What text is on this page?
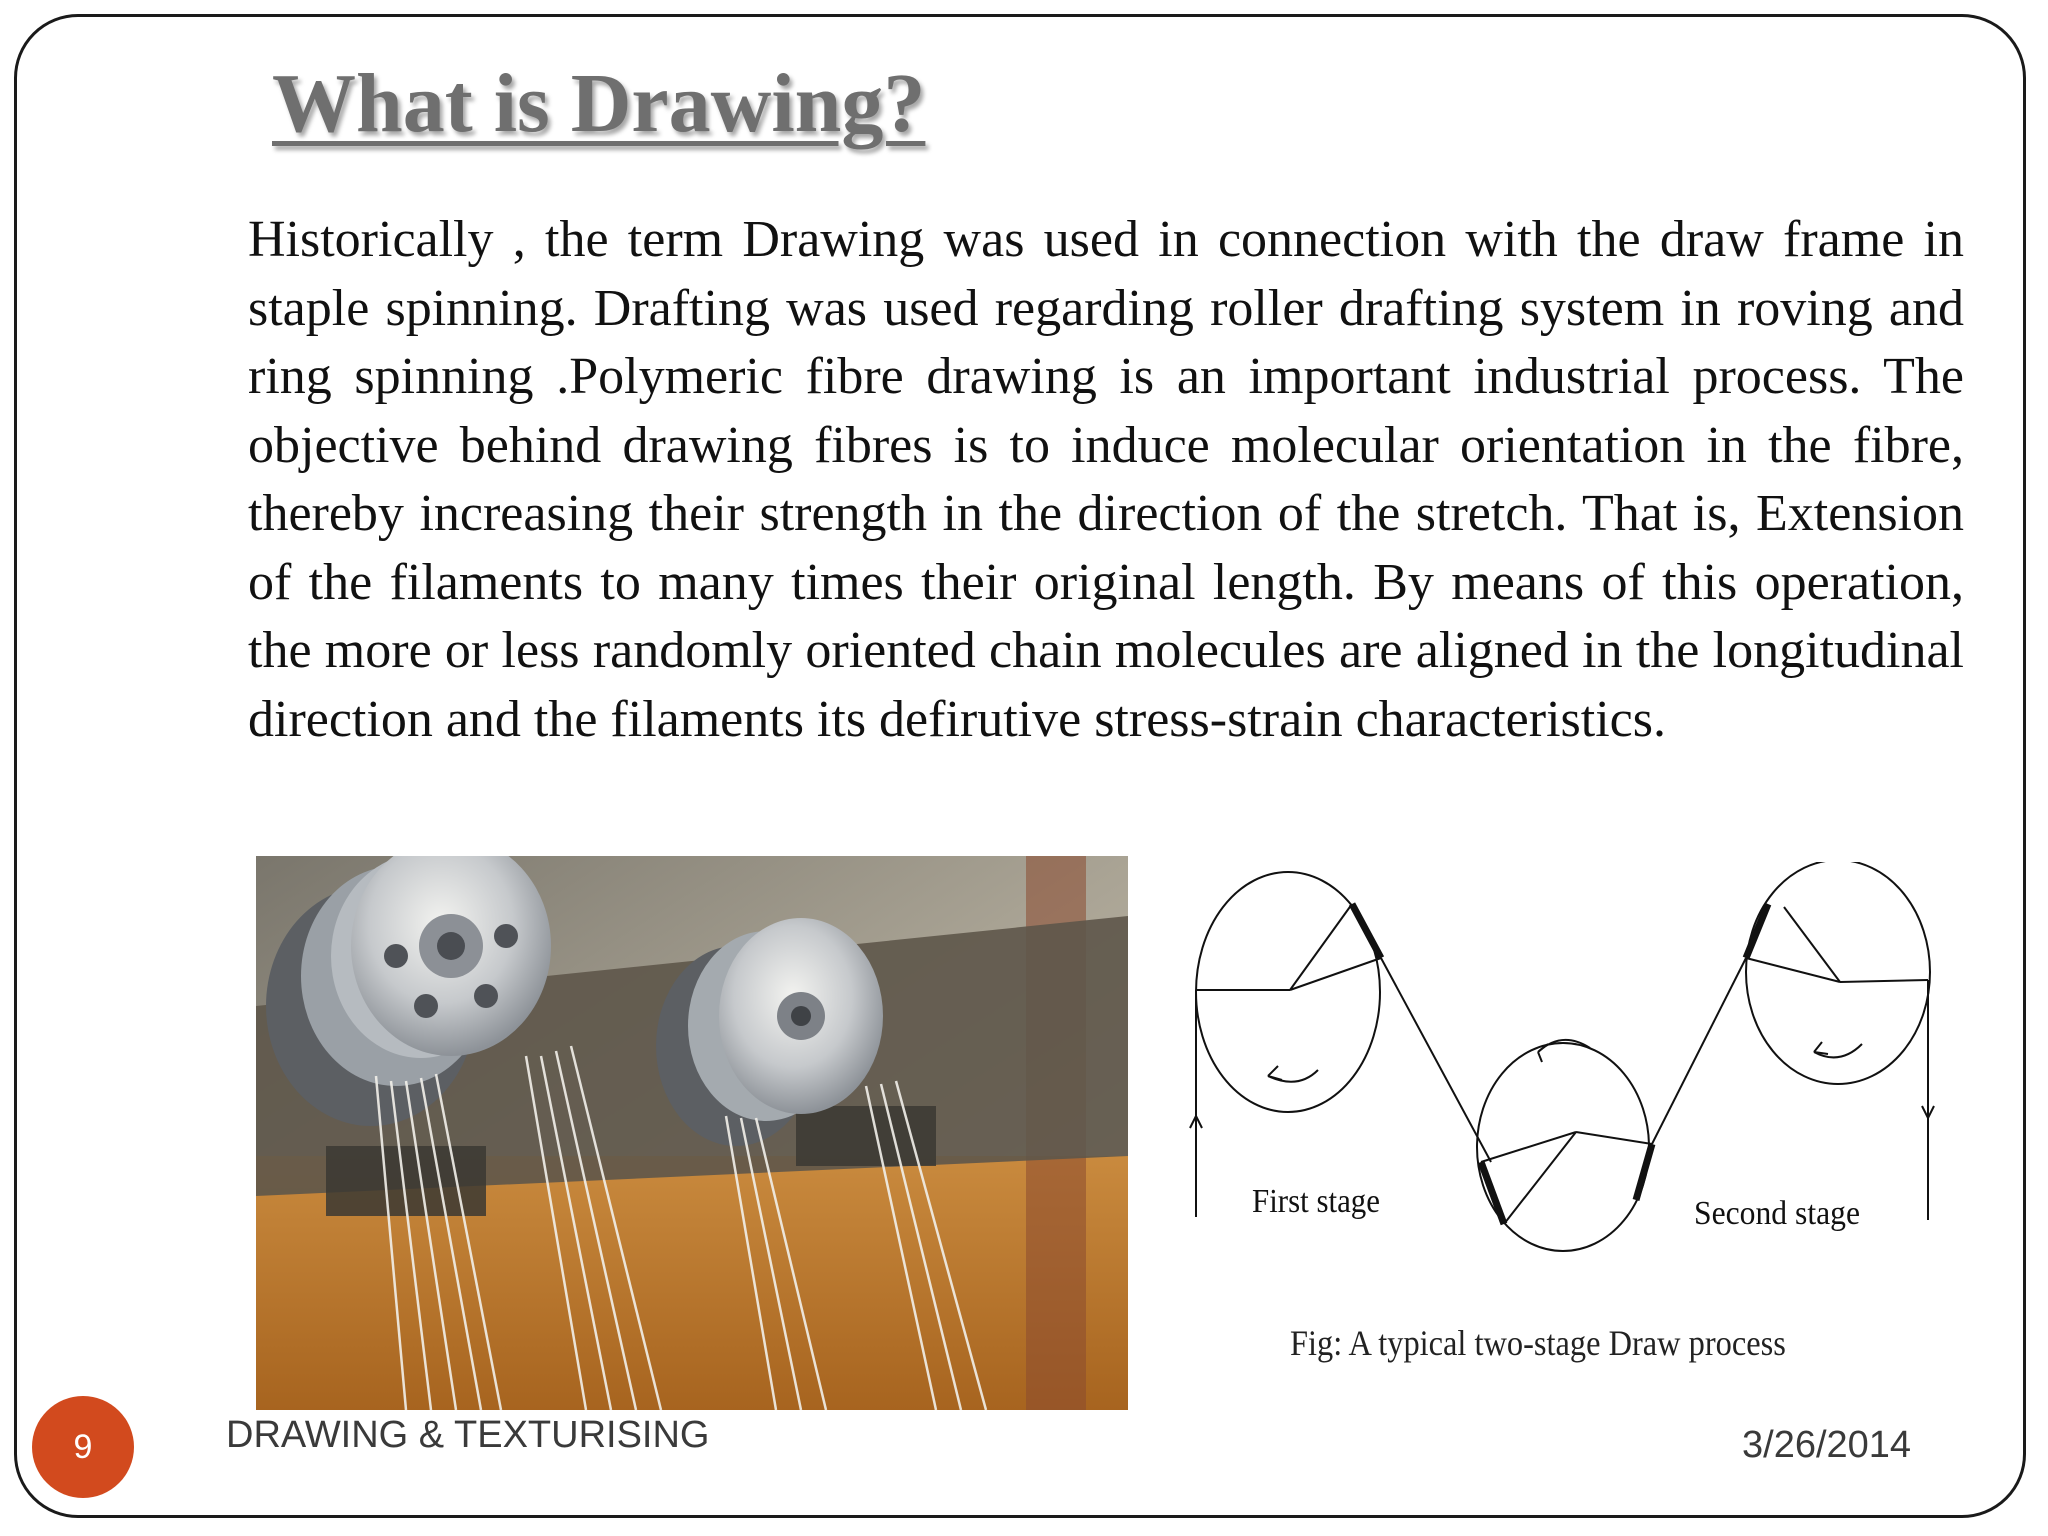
What is Drawing?
Historically , the term Drawing was used in connection with the draw frame in staple spinning. Drafting was used regarding roller drafting system in roving and ring spinning .Polymeric fibre drawing is an important industrial process. The objective behind drawing fibres is to induce molecular orientation in the fibre, thereby increasing their strength in the direction of the stretch. That is, Extension of the filaments to many times their original length. By means of this operation, the more or less randomly oriented chain molecules are aligned in the longitudinal direction and the filaments its defirutive stress-strain characteristics.
First stage	Second stage
Fig: A typical two-stage Draw process
9	DRAWING & TEXTURISING	3/26/2014
